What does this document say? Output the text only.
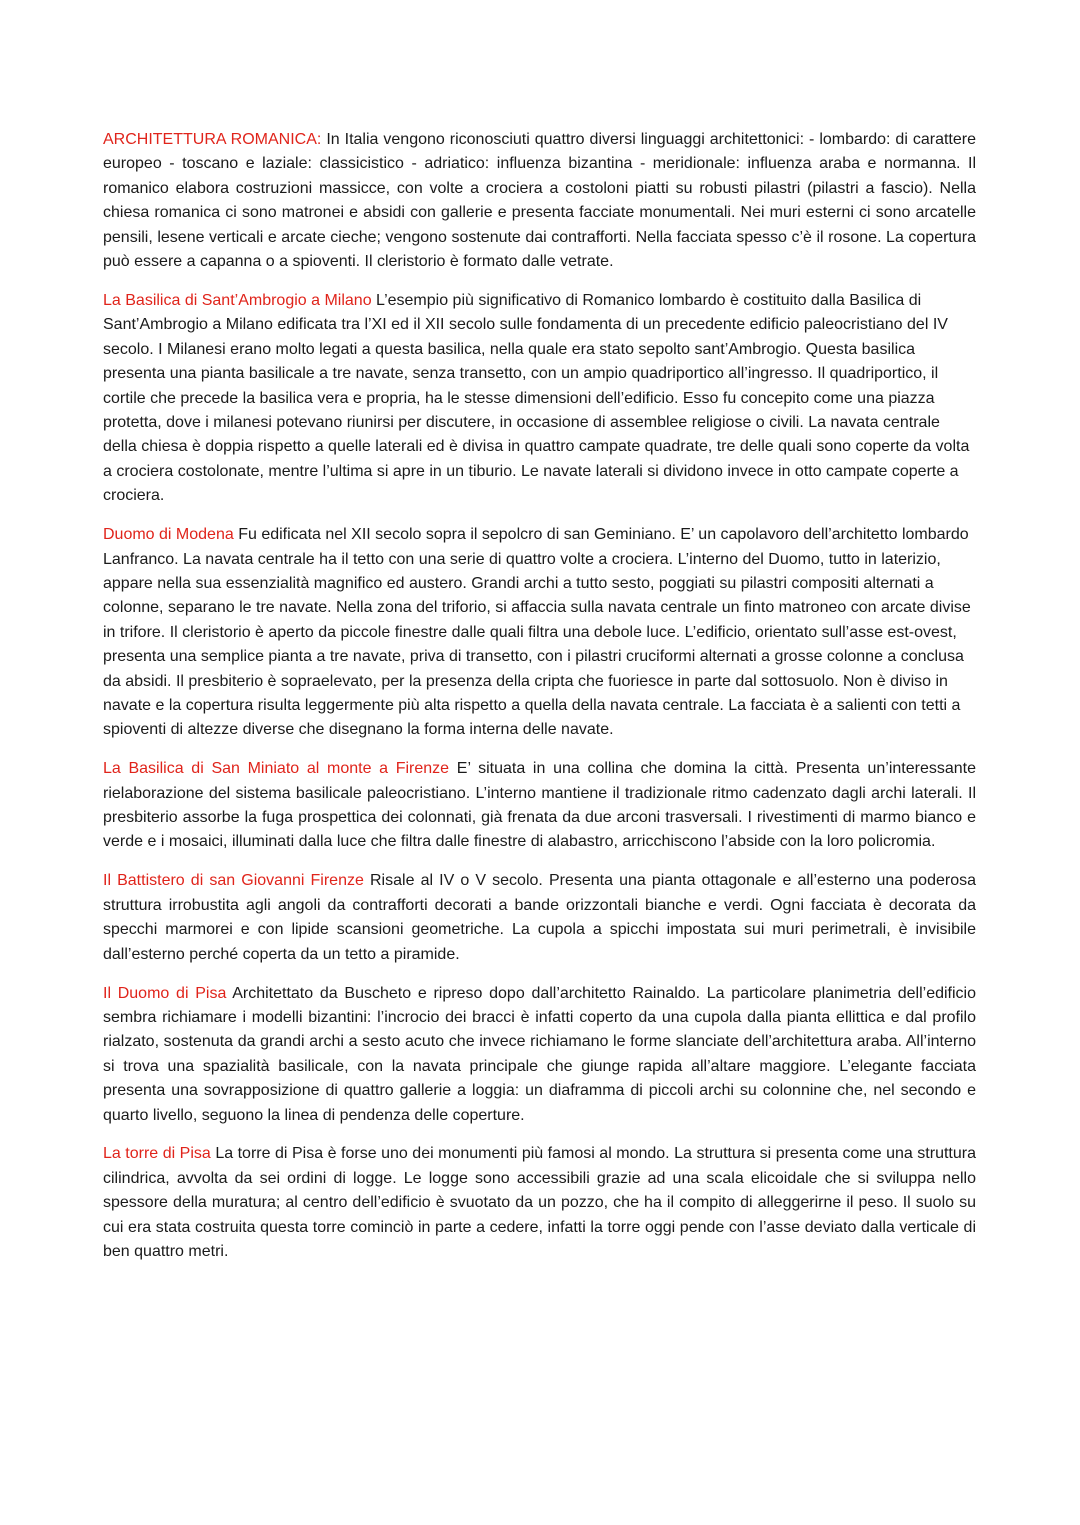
ARCHITETTURA ROMANICA: In Italia vengono riconosciuti quattro diversi linguaggi architettonici: - lombardo: di carattere europeo - toscano e laziale: classicistico - adriatico: influenza bizantina - meridionale: influenza araba e normanna. Il romanico elabora costruzioni massicce, con volte a crociera a costoloni piatti su robusti pilastri (pilastri a fascio). Nella chiesa romanica ci sono matronei e absidi con gallerie e presenta facciate monumentali. Nei muri esterni ci sono arcatelle pensili, lesene verticali e arcate cieche; vengono sostenute dai contrafforti. Nella facciata spesso c’è il rosone. La copertura può essere a capanna o a spioventi. Il cleristorio è formato dalle vetrate.

La Basilica di Sant’Ambrogio a Milano L’esempio più significativo di Romanico lombardo è costituito dalla Basilica di Sant’Ambrogio a Milano edificata tra l’XI ed il XII secolo sulle fondamenta di un precedente edificio paleocristiano del IV secolo. I Milanesi erano molto legati a questa basilica, nella quale era stato sepolto sant’Ambrogio. Questa basilica presenta una pianta basilicale a tre navate, senza transetto, con un ampio quadriportico all’ingresso. Il quadriportico, il cortile che precede la basilica vera e propria, ha le stesse dimensioni dell’edificio. Esso fu concepito come una piazza protetta, dove i milanesi potevano riunirsi per discutere, in occasione di assemblee religiose o civili. La navata centrale della chiesa è doppia rispetto a quelle laterali ed è divisa in quattro campate quadrate, tre delle quali sono coperte da volta a crociera costolonate, mentre l’ultima si apre in un tiburio. Le navate laterali si dividono invece in otto campate coperte a crociera.

Duomo di Modena Fu edificata nel XII secolo sopra il sepolcro di san Geminiano. E’ un capolavoro dell’architetto lombardo Lanfranco. La navata centrale ha il tetto con una serie di quattro volte a crociera. L’interno del Duomo, tutto in laterizio, appare nella sua essenzialità magnifico ed austero. Grandi archi a tutto sesto, poggiati su pilastri compositi alternati a colonne, separano le tre navate. Nella zona del triforio, si affaccia sulla navata centrale un finto matroneo con arcate divise in trifore. Il cleristorio è aperto da piccole finestre dalle quali filtra una debole luce. L’edificio, orientato sull’asse est-ovest, presenta una semplice pianta a tre navate, priva di transetto, con i pilastri cruciformi alternati a grosse colonne a conclusa da absidi. Il presbiterio è sopraelevato, per la presenza della cripta che fuoriesce in parte dal sottosuolo. Non è diviso in navate e la copertura risulta leggermente più alta rispetto a quella della navata centrale. La facciata è a salienti con tetti a spioventi di altezze diverse che disegnano la forma interna delle navate.

La Basilica di San Miniato al monte a Firenze E’ situata in una collina che domina la città. Presenta un’interessante rielaborazione del sistema basilicale paleocristiano. L’interno mantiene il tradizionale ritmo cadenzato dagli archi laterali. Il presbiterio assorbe la fuga prospettica dei colonnati, già frenata da due arconi trasversali. I rivestimenti di marmo bianco e verde e i mosaici, illuminati dalla luce che filtra dalle finestre di alabastro, arricchiscono l’abside con la loro policromia.

Il Battistero di san Giovanni Firenze Risale al IV o V secolo. Presenta una pianta ottagonale e all’esterno una poderosa struttura irrobustita agli angoli da contrafforti decorati a bande orizzontali bianche e verdi. Ogni facciata è decorata da specchi marmorei e con lipide scansioni geometriche. La cupola a spicchi impostata sui muri perimetrali, è invisibile dall’esterno perché coperta da un tetto a piramide.

Il Duomo di Pisa Architettato da Buscheto e ripreso dopo dall’architetto Rainaldo. La particolare planimetria dell’edificio sembra richiamare i modelli bizantini: l’incrocio dei bracci è infatti coperto da una cupola dalla pianta ellittica e dal profilo rialzato, sostenuta da grandi archi a sesto acuto che invece richiamano le forme slanciate dell’architettura araba. All’interno si trova una spazialità basilicale, con la navata principale che giunge rapida all’altare maggiore. L’elegante facciata presenta una sovrapposizione di quattro gallerie a loggia: un diaframma di piccoli archi su colonnine che, nel secondo e quarto livello, seguono la linea di pendenza delle coperture.

La torre di Pisa La torre di Pisa è forse uno dei monumenti più famosi al mondo. La struttura si presenta come una struttura cilindrica, avvolta da sei ordini di logge. Le logge sono accessibili grazie ad una scala elicoidale che si sviluppa nello spessore della muratura; al centro dell’edificio è svuotato da un pozzo, che ha il compito di alleggerirne il peso. Il suolo su cui era stata costruita questa torre cominciò in parte a cedere, infatti la torre oggi pende con l’asse deviato dalla verticale di ben quattro metri.
